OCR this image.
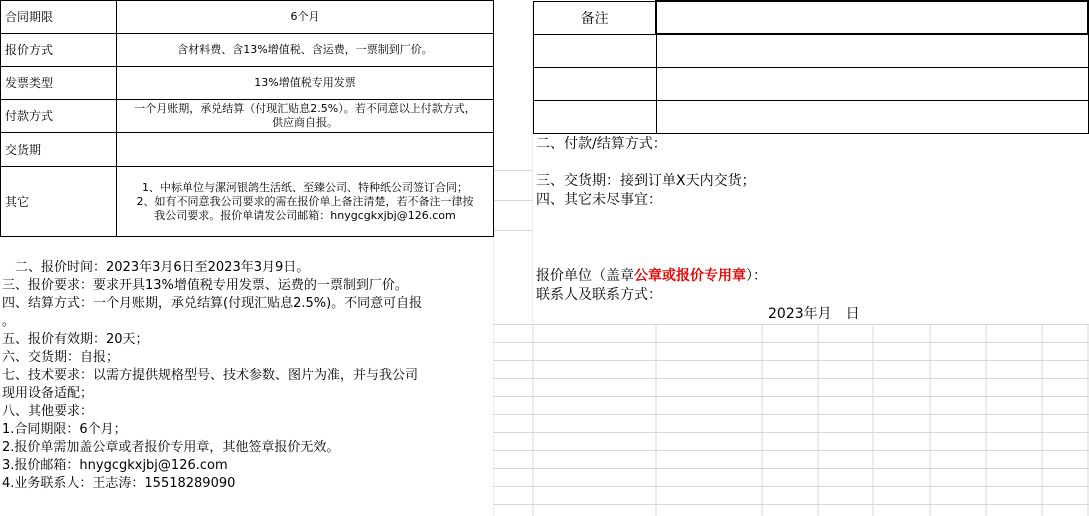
合同期限	6个月
报价方式	含材料费、含13%增值税、含运费，一票制到厂价。
发票类型	13%增值税专用发票
付款方式	一个月账期，承兑结算（付现汇贴息2.5%）。若不同意以上付款方式，
供应商自报。

交货期	
其它	1、中标单位与漯河银鸽生活纸、至臻公司、特种纸公司签订合同；
2、如有不同意我公司要求的需在报价单上备注清楚，若不备注一律按
我公司要求。报价单请发公司邮箱：hnygcgkxjbj@126.com
备注	

二、付款/结算方式：
三、交货期：接到订单X天内交货；
四、其它未尽事宜：
报价单位（盖章公章或报价专用章）：
联系人及联系方式：
2023年月　日
　二、报价时间：2023年3月6日至2023年3月9日。
三、报价要求：要求开具13%增值税专用发票、运费的一票制到厂价。
四、结算方式：一个月账期，承兑结算(付现汇贴息2.5%)。不同意可自报
。
五、报价有效期：20天；
六、交货期：自报；
七、技术要求：以需方提供规格型号、技术参数、图片为准，并与我公司
现用设备适配；
八、其他要求：
1.合同期限：6个月；
2.报价单需加盖公章或者报价专用章，其他签章报价无效。
3.报价邮箱：hnygcgkxjbj@126.com
4.业务联系人：王志涛：15518289090
